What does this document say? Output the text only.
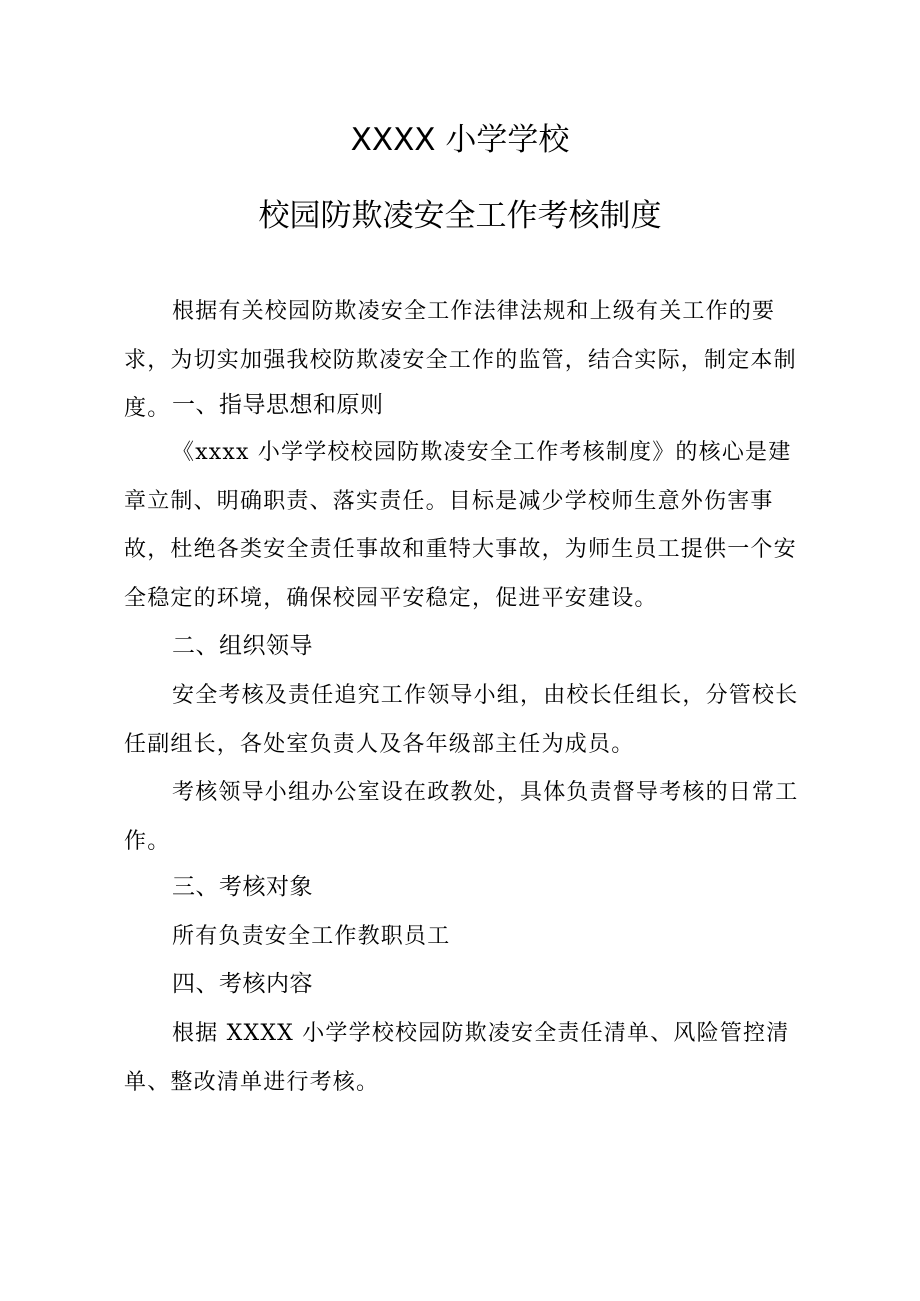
XXXX 小学学校
校园防欺凌安全工作考核制度
根据有关校园防欺凌安全工作法律法规和上级有关工作的要求，为切实加强我校防欺凌安全工作的监管，结合实际，制定本制度。 一、指导思想和原则
《xxxx 小学学校校园防欺凌安全工作考核制度》的核心是建章立制、明确职责、落实责任。目标是减少学校师生意外伤害事故，杜绝各类安全责任事故和重特大事故，为师生员工提供一个安全稳定的环境，确保校园平安稳定，促进平安建设。
二、组织领导
安全考核及责任追究工作领导小组，由校长任组长，分管校长任副组长，各处室负责人及各年级部主任为成员。
考核领导小组办公室设在政教处，具体负责督导考核的日常工作。
三、考核对象
所有负责安全工作教职员工
四、考核内容
根据 XXXX 小学学校校园防欺凌安全责任清单、风险管控清单、整改清单进行考核。
